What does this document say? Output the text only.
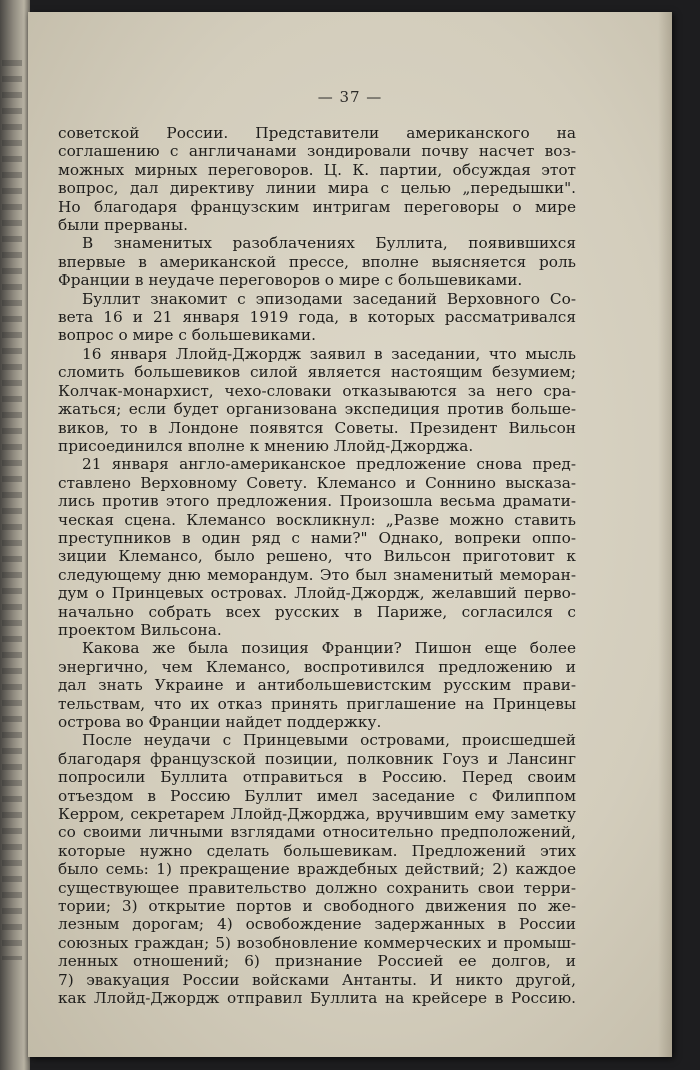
— 37 —
советской России. Представители американского на
соглашению с англичанами зондировали почву насчет воз-
можных мирных переговоров. Ц. К. партии, обсуждая этот
вопрос, дал директиву линии мира с целью „передышки".
Но благодаря французским интригам переговоры о мире
были прерваны.
В знаменитых разоблачениях Буллита, появившихся
впервые в американской прессе, вполне выясняется роль
Франции в неудаче переговоров о мире с большевиками.
Буллит знакомит с эпизодами заседаний Верховного Со-
вета 16 и 21 января 1919 года, в которых рассматривался
вопрос о мире с большевиками.
16 января Ллойд-Джордж заявил в заседании, что мысль
сломить большевиков силой является настоящим безумием;
Колчак-монархист, чехо-словаки отказываются за него сра-
жаться; если будет организована экспедиция против больше-
виков, то в Лондоне появятся Советы. Президент Вильсон
присоединился вполне к мнению Ллойд-Джорджа.
21 января англо-американское предложение снова пред-
ставлено Верховному Совету. Клемансо и Соннино высказа-
лись против этого предложения. Произошла весьма драмати-
ческая сцена. Клемансо воскликнул: „Разве можно ставить
преступников в один ряд с нами?" Однако, вопреки оппо-
зиции Клемансо, было решено, что Вильсон приготовит к
следующему дню меморандум. Это был знаменитый меморан-
дум о Принцевых островах. Ллойд-Джордж, желавший перво-
начально собрать всех русских в Париже, согласился с
проектом Вильсона.
Какова же была позиция Франции? Пишон еще более
энергично, чем Клемансо, воспротивился предложению и
дал знать Украине и антибольшевистским русским прави-
тельствам, что их отказ принять приглашение на Принцевы
острова во Франции найдет поддержку.
После неудачи с Принцевыми островами, происшедшей
благодаря французской позиции, полковник Гоуз и Лансинг
попросили Буллита отправиться в Россию. Перед своим
отъездом в Россию Буллит имел заседание с Филиппом
Керром, секретарем Ллойд-Джорджа, вручившим ему заметку
со своими личными взглядами относительно предположений,
которые нужно сделать большевикам. Предложений этих
было семь: 1) прекращение враждебных действий; 2) каждое
существующее правительство должно сохранить свои терри-
тории; 3) открытие портов и свободного движения по же-
лезным дорогам; 4) освобождение задержанных в России
союзных граждан; 5) возобновление коммерческих и промыш-
ленных отношений; 6) признание Россией ее долгов, и
7) эвакуация России войсками Антанты. И никто другой,
как Ллойд-Джордж отправил Буллита на крейсере в Россию.
